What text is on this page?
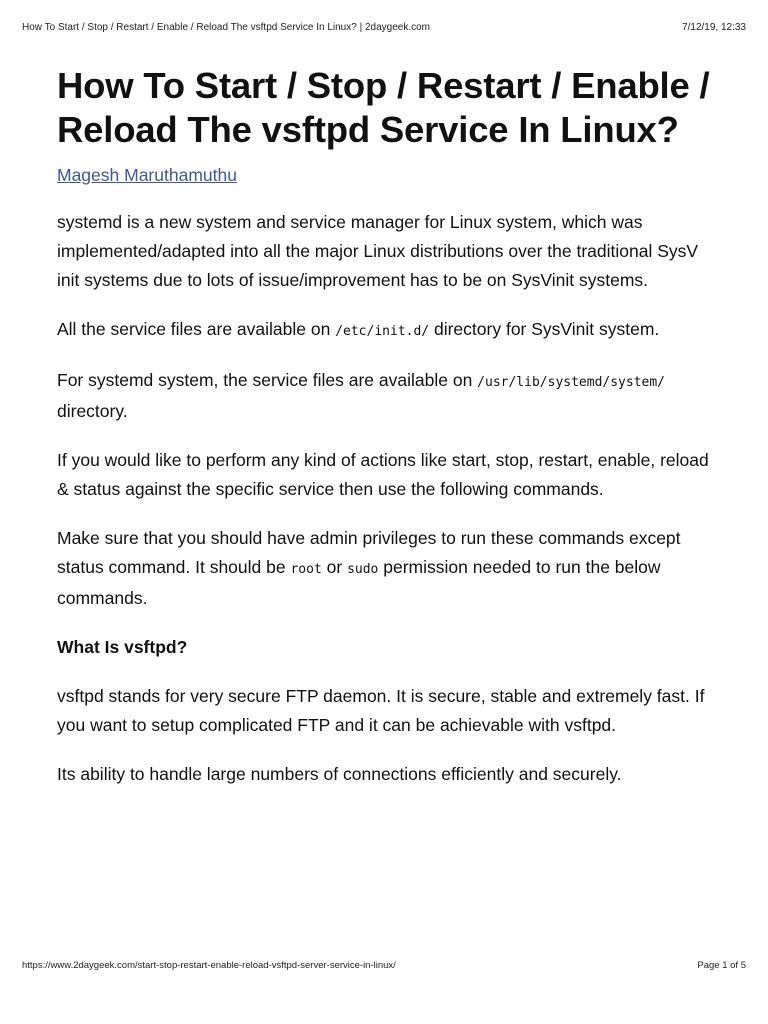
How To Start / Stop / Restart / Enable / Reload The vsftpd Service In Linux? | 2daygeek.com	7/12/19, 12:33
How To Start / Stop / Restart / Enable / Reload The vsftpd Service In Linux?
Magesh Maruthamuthu

systemd is a new system and service manager for Linux system, which was implemented/adapted into all the major Linux distributions over the traditional SysV init systems due to lots of issue/improvement has to be on SysVinit systems.

All the service files are available on /etc/init.d/ directory for SysVinit system.

For systemd system, the service files are available on /usr/lib/systemd/system/ directory.

If you would like to perform any kind of actions like start, stop, restart, enable, reload & status against the specific service then use the following commands.

Make sure that you should have admin privileges to run these commands except status command. It should be root or sudo permission needed to run the below commands.

What Is vsftpd?

vsftpd stands for very secure FTP daemon. It is secure, stable and extremely fast. If you want to setup complicated FTP and it can be achievable with vsftpd.

Its ability to handle large numbers of connections efficiently and securely.

https://www.2daygeek.com/start-stop-restart-enable-reload-vsftpd-server-service-in-linux/	Page 1 of 5
